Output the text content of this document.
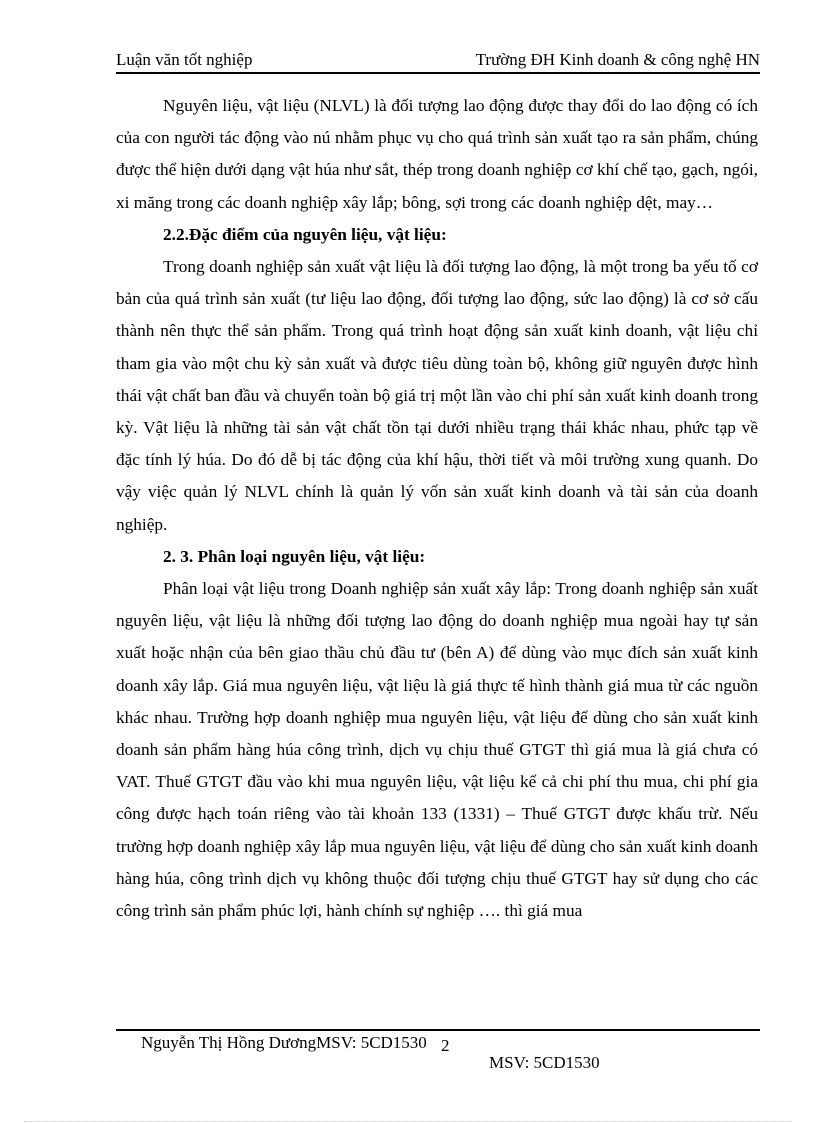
Luận văn tốt nghiệp	Trường ĐH Kinh doanh & công nghệ HN

Nguyên liệu, vật liệu (NLVL) là đối tượng lao động được thay đổi do lao động có ích của con người tác động vào nú nhằm phục vụ cho quá trình sản xuất tạo ra sản phẩm, chúng được thể hiện dưới dạng vật húa như sắt, thép trong doanh nghiệp cơ khí chế tạo, gạch, ngói, xi măng trong các doanh nghiệp xây lắp; bông, sợi trong các doanh nghiệp dệt, may…

2.2.Đặc điểm của nguyên liệu, vật liệu:

Trong doanh nghiệp sản xuất vật liệu là đối tượng lao động, là một trong ba yếu tố cơ bản của quá trình sản xuất (tư liệu lao động, đối tượng lao động, sức lao động) là cơ sở cấu thành nên thực thể sản phẩm. Trong quá trình hoạt động sản xuất kinh doanh, vật liệu chỉ tham gia vào một chu kỳ sản xuất và được tiêu dùng toàn bộ, không giữ nguyên được hình thái vật chất ban đầu và chuyển toàn bộ giá trị một lần vào chi phí sản xuất kinh doanh trong kỳ. Vật liệu là những tài sản vật chất tồn tại dưới nhiều trạng thái khác nhau, phức tạp về đặc tính lý húa. Do đó dễ bị tác động của khí hậu, thời tiết và môi trường xung quanh. Do vậy việc quản lý NLVL chính là quản lý vốn sản xuất kinh doanh và tài sản của doanh nghiệp.

2. 3. Phân loại nguyên liệu, vật liệu:

Phân loại vật liệu trong Doanh nghiệp sản xuất xây lắp: Trong doanh nghiệp sản xuất nguyên liệu, vật liệu là những đối tượng lao động do doanh nghiệp mua ngoài hay tự sản xuất hoặc nhận của bên giao thầu chủ đầu tư (bên A) để dùng vào mục đích sản xuất kinh doanh xây lắp. Giá mua nguyên liệu, vật liệu là giá thực tế hình thành giá mua từ các nguồn khác nhau. Trường hợp doanh nghiệp mua nguyên liệu, vật liệu để dùng cho sản xuất kinh doanh sản phẩm hàng húa công trình, dịch vụ chịu thuế GTGT thì giá mua là giá chưa có VAT. Thuế GTGT đầu vào khi mua nguyên liệu, vật liệu kể cả chi phí thu mua, chi phí gia công được hạch toán riêng vào tài khoản 133 (1331) – Thuế GTGT được khấu trừ. Nếu trường hợp doanh nghiệp xây lắp mua nguyên liệu, vật liệu để dùng cho sản xuất kinh doanh hàng húa, công trình dịch vụ không thuộc đối tượng chịu thuế GTGT hay sử dụng cho các công trình sản phẩm phúc lợi, hành chính sự nghiệp …. thì giá mua

Nguyễn Thị Hồng DươngMSV: 5CD1530 2
MSV: 5CD1530
